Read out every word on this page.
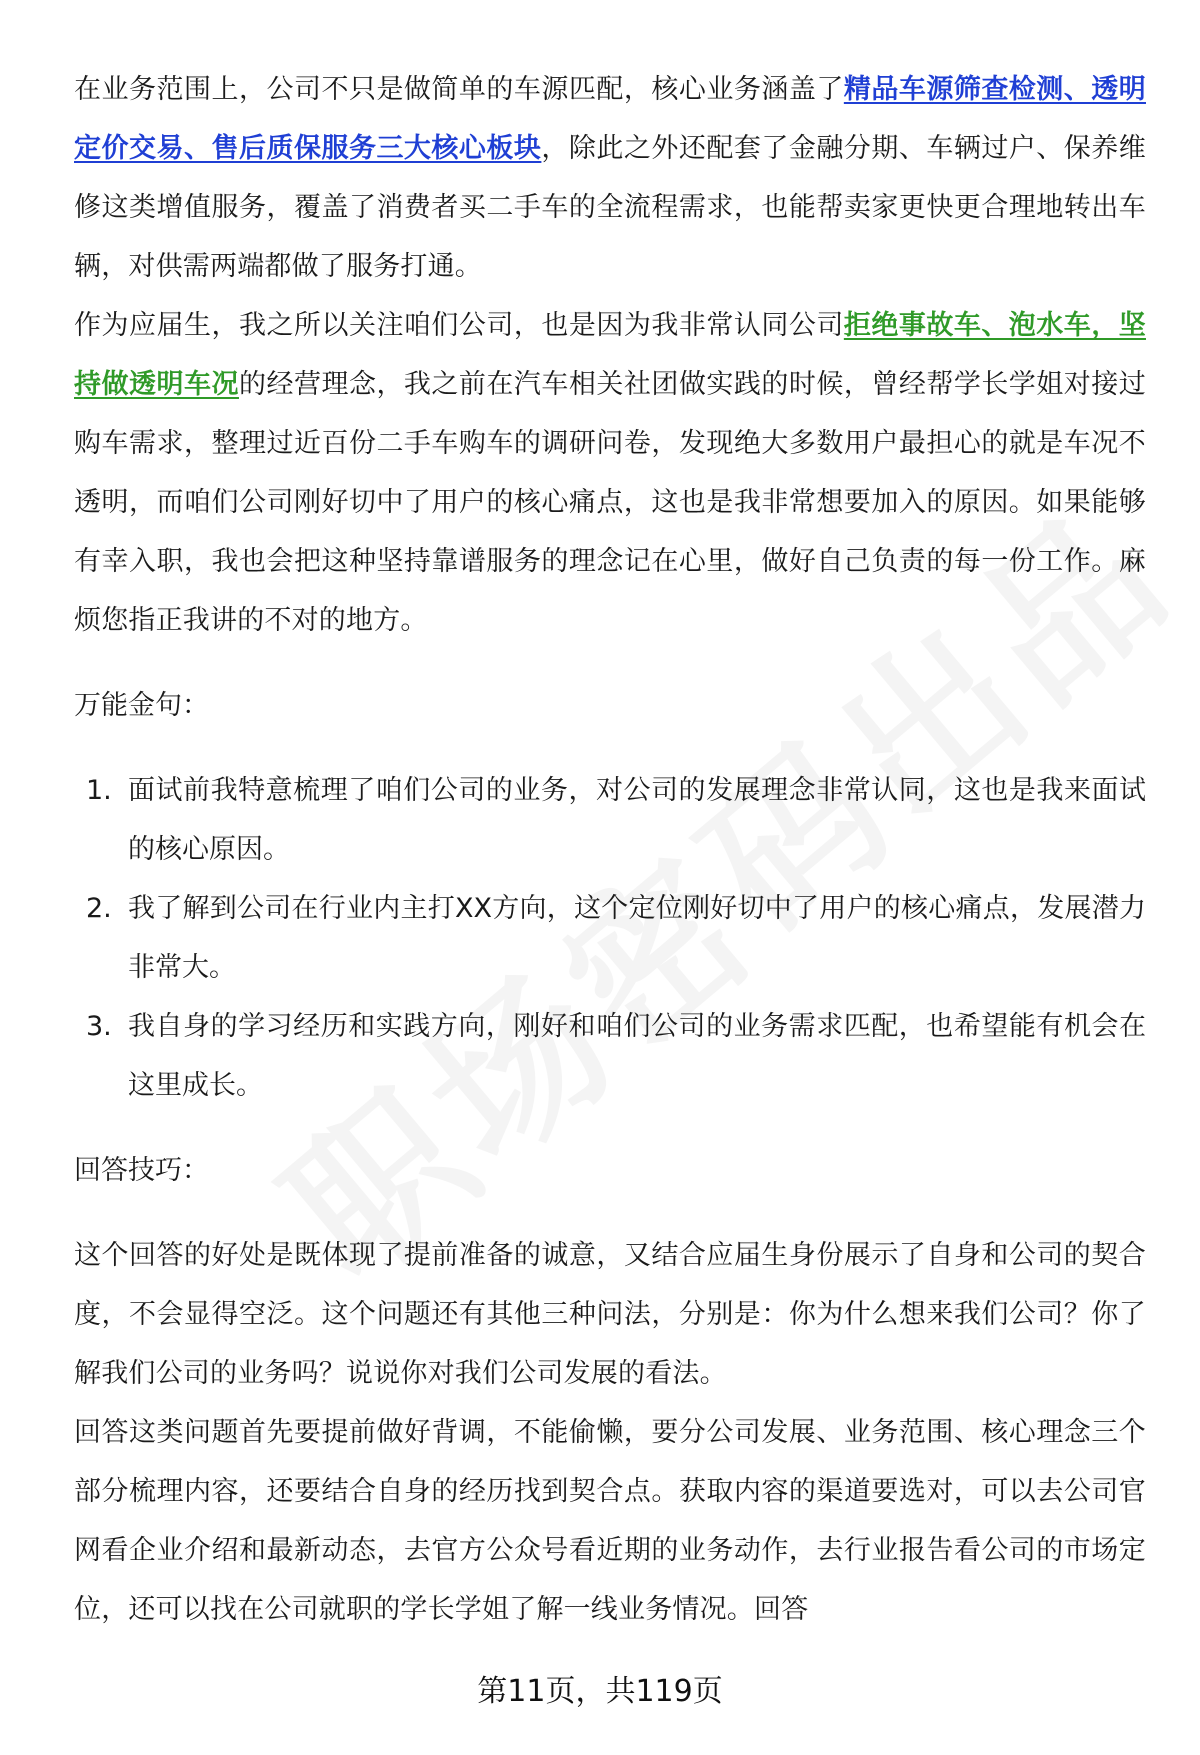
在业务范围上，公司不只是做简单的车源匹配，核心业务涵盖了精品车源筛查检测、透明定价交易、售后质保服务三大核心板块，除此之外还配套了金融分期、车辆过户、保养维修这类增值服务，覆盖了消费者买二手车的全流程需求，也能帮卖家更快更合理地转出车辆，对供需两端都做了服务打通。

作为应届生，我之所以关注咱们公司，也是因为我非常认同公司拒绝事故车、泡水车，坚持做透明车况的经营理念，我之前在汽车相关社团做实践的时候，曾经帮学长学姐对接过购车需求，整理过近百份二手车购车的调研问卷，发现绝大多数用户最担心的就是车况不透明，而咱们公司刚好切中了用户的核心痛点，这也是我非常想要加入的原因。如果能够有幸入职，我也会把这种坚持靠谱服务的理念记在心里，做好自己负责的每一份工作。麻烦您指正我讲的不对的地方。

万能金句：

1. 面试前我特意梳理了咱们公司的业务，对公司的发展理念非常认同，这也是我来面试的核心原因。
2. 我了解到公司在行业内主打XX方向，这个定位刚好切中了用户的核心痛点，发展潜力非常大。
3. 我自身的学习经历和实践方向，刚好和咱们公司的业务需求匹配，也希望能有机会在这里成长。

回答技巧：

这个回答的好处是既体现了提前准备的诚意，又结合应届生身份展示了自身和公司的契合度，不会显得空泛。这个问题还有其他三种问法，分别是：你为什么想来我们公司？你了解我们公司的业务吗？说说你对我们公司发展的看法。

回答这类问题首先要提前做好背调，不能偷懒，要分公司发展、业务范围、核心理念三个部分梳理内容，还要结合自身的经历找到契合点。获取内容的渠道要选对，可以去公司官网看企业介绍和最新动态，去官方公众号看近期的业务动作，去行业报告看公司的市场定位，还可以找在公司就职的学长学姐了解一线业务情况。回答

第11页，共119页
